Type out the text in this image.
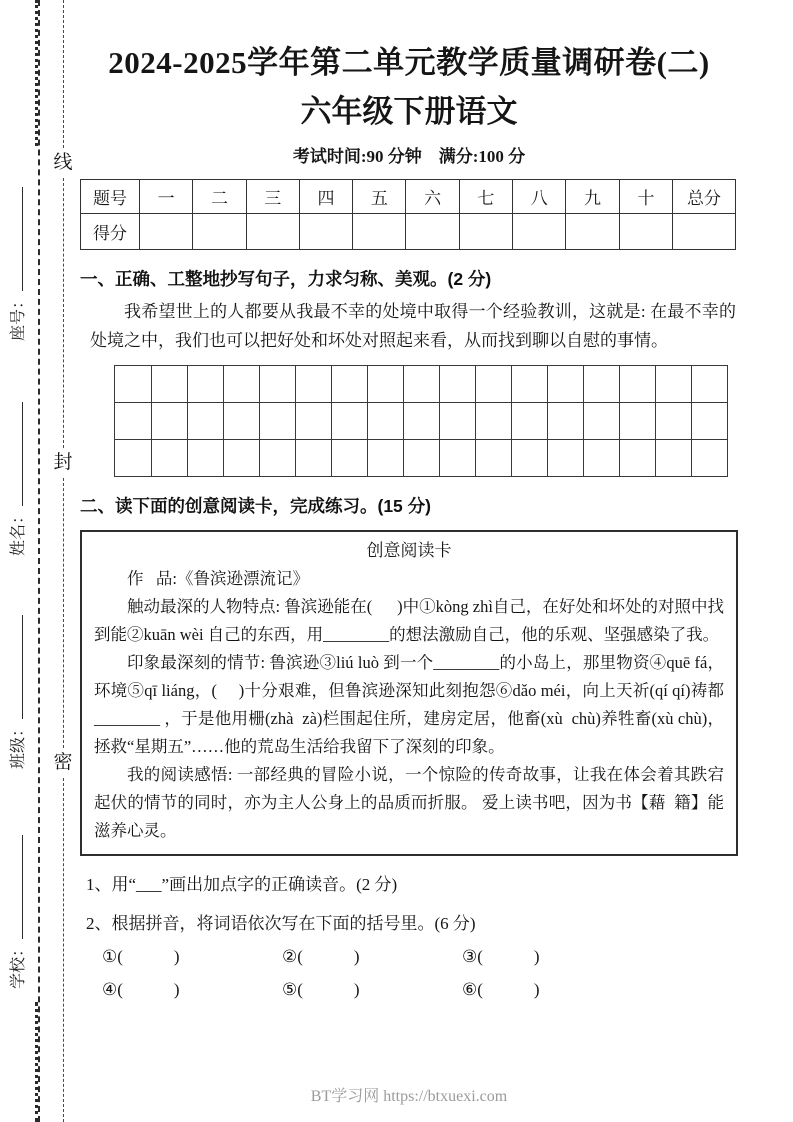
座号：
姓名：
班级：
学校：
线
封
密
2024-2025学年第二单元教学质量调研卷(二)
六年级下册语文
考试时间:90 分钟    满分:100 分
题号	一	二	三	四	五	六	七	八	九	十	总分
得分											
一、正确、工整地抄写句子，力求匀称、美观。(2 分)

我希望世上的人都要从我最不幸的处境中取得一个经验教训，这就是: 在最不幸的处境之中，我们也可以把好处和坏处对照起来看，从而找到聊以自慰的事情。

二、读下面的创意阅读卡，完成练习。(15 分)
创意阅读卡

作   品:《鲁滨逊漂流记》

触动最深的人物特点: 鲁滨逊能在(      )中①kòng zhì自己，在好处和坏处的对照中找到能②kuān wèi 自己的东西，用________的想法激励自己，他的乐观、坚强感染了我。

印象最深刻的情节: 鲁滨逊③liú luò 到一个________的小岛上，那里物资④quē fá，环境⑤qī liáng，(     )十分艰难，但鲁滨逊深知此刻抱怨⑥dǎo méi，向上天祈(qí qí)祷都________ ，于是他用栅(zhà  zà)栏围起住所，建房定居，他畜(xù  chù)养牲畜(xù chù)，拯救“星期五”……他的荒岛生活给我留下了深刻的印象。

我的阅读感悟: 一部经典的冒险小说，一个惊险的传奇故事，让我在体会着其跌宕起伏的情节的同时，亦为主人公身上的品质而折服。 爱上读书吧，因为书【藉  籍】能滋养心灵。

1、用“___”画出加点字的正确读音。(2 分)

2、根据拼音，将词语依次写在下面的括号里。(6 分)

①(            )	②(            )	③(            )
④(            )	⑤(            )	⑥(            )
BT学习网 https://btxuexi.com
